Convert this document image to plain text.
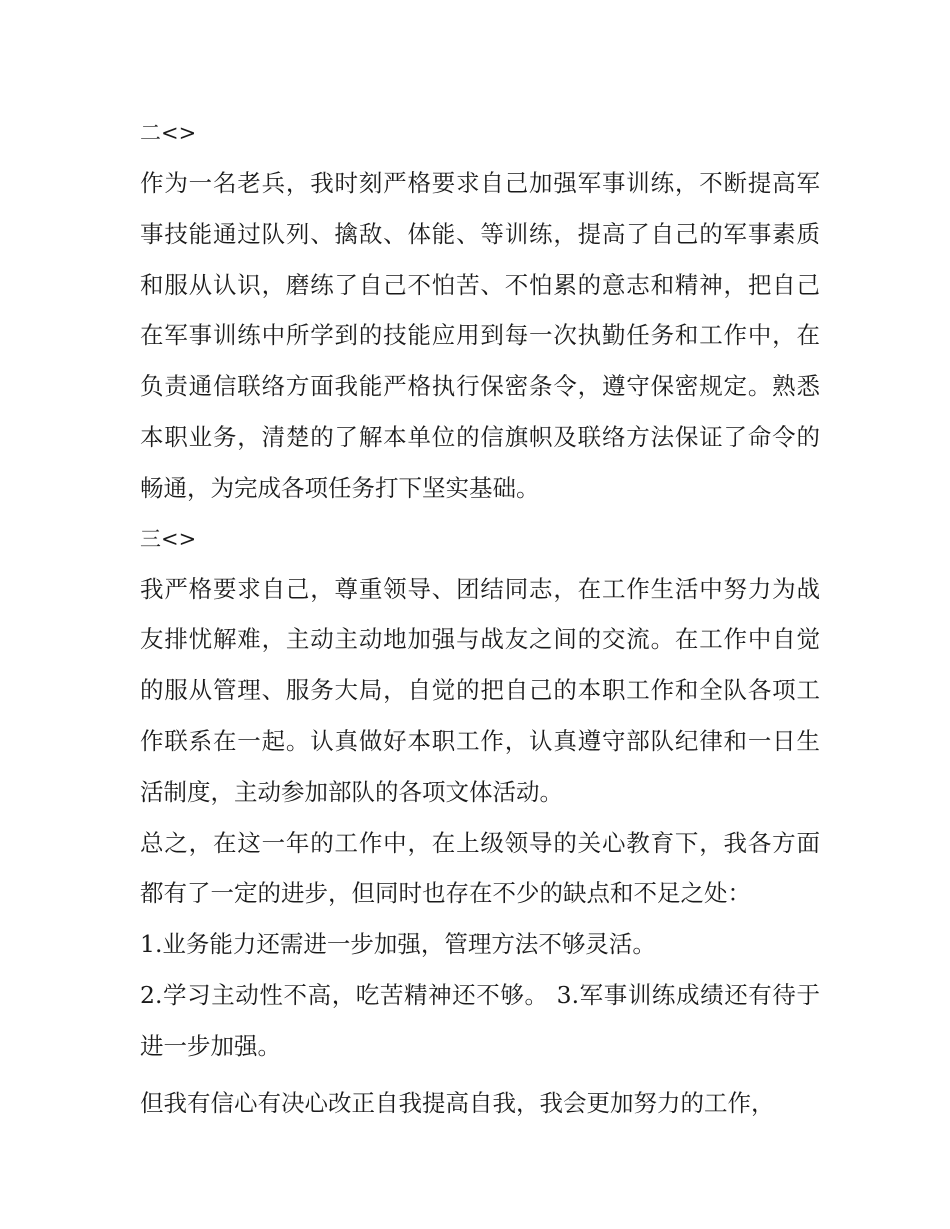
二<>

作为一名老兵，我时刻严格要求自己加强军事训练，不断提高军事技能通过队列、擒敌、体能、等训练，提高了自己的军事素质和服从认识，磨练了自己不怕苦、不怕累的意志和精神，把自己在军事训练中所学到的技能应用到每一次执勤任务和工作中，在负责通信联络方面我能严格执行保密条令，遵守保密规定。熟悉本职业务，清楚的了解本单位的信旗帜及联络方法保证了命令的畅通，为完成各项任务打下坚实基础。

三<>

我严格要求自己，尊重领导、团结同志，在工作生活中努力为战友排忧解难，主动主动地加强与战友之间的交流。在工作中自觉的服从管理、服务大局，自觉的把自己的本职工作和全队各项工作联系在一起。认真做好本职工作，认真遵守部队纪律和一日生活制度，主动参加部队的各项文体活动。

总之，在这一年的工作中，在上级领导的关心教育下，我各方面都有了一定的进步，但同时也存在不少的缺点和不足之处：

1.业务能力还需进一步加强，管理方法不够灵活。

2.学习主动性不高，吃苦精神还不够。 3.军事训练成绩还有待于进一步加强。

但我有信心有决心改正自我提高自我，我会更加努力的工作，
